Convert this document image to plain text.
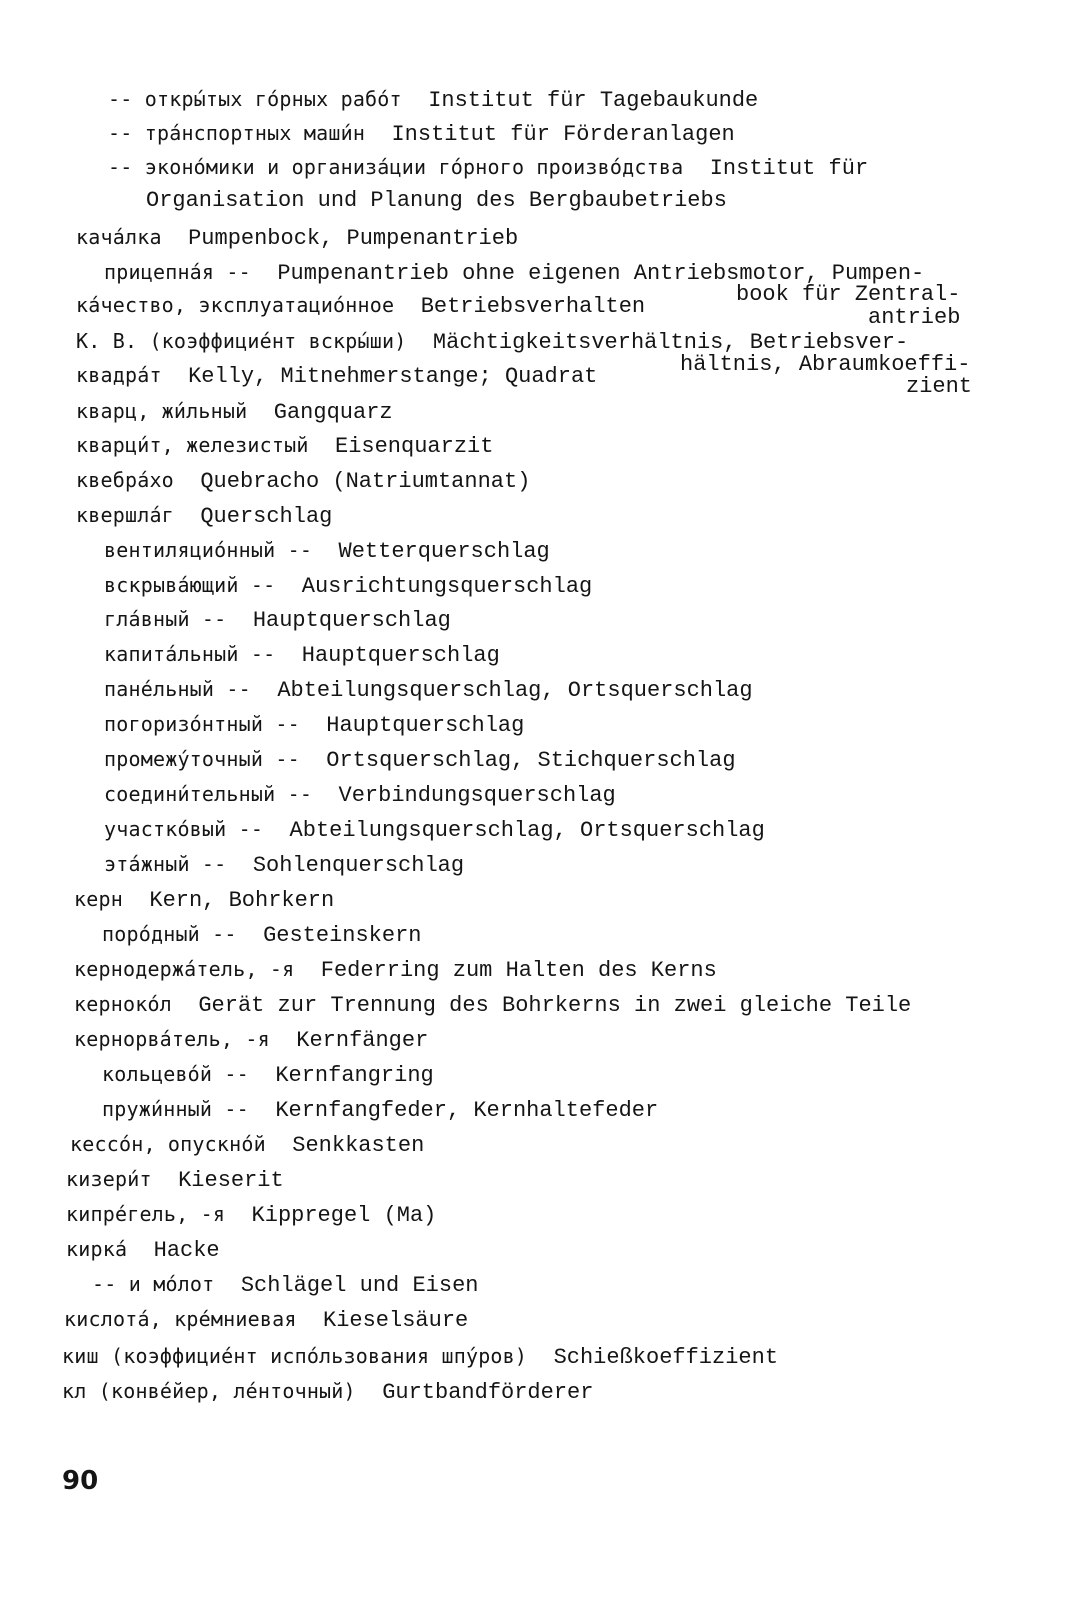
-- откры́тых го́рных рабо́т Institut für Tagebaukunde
-- тра́нспортных маши́н Institut für Förderanlagen
-- эконо́мики и организа́ции го́рного произво́дства Institut für
Organisation und Planung des Bergbaubetriebs
кача́лка Pumpenbock, Pumpenantrieb
прицепна́я -- Pumpenantrieb ohne eigenen Antriebsmotor, Pumpen-
ка́чество, эксплуатацио́нное Betriebsverhalten	book für Zentral-
antrieb
К. В. (коэффицие́нт вскры́ши) Mächtigkeitsverhältnis, Betriebsver-
hältnis, Abraumkoeffi-
квадра́т Kelly, Mitnehmerstange; Quadrat	zient
кварц, жи́льный Gangquarz
кварци́т, железистый Eisenquarzit
квебра́хо Quebracho (Natriumtannat)
квершла́г Querschlag
вентиляцио́нный -- Wetterquerschlag
вскрыва́ющий -- Ausrichtungsquerschlag
гла́вный -- Hauptquerschlag
капита́льный -- Hauptquerschlag
пане́льный -- Abteilungsquerschlag, Ortsquerschlag
погоризо́нтный -- Hauptquerschlag
промежу́точный -- Ortsquerschlag, Stichquerschlag
соедини́тельный -- Verbindungsquerschlag
участко́вый -- Abteilungsquerschlag, Ortsquerschlag
эта́жный -- Sohlenquerschlag
керн Kern, Bohrkern
поро́дный -- Gesteinskern
кернодержа́тель, -я Federring zum Halten des Kerns
кернoко́л Gerät zur Trennung des Bohrkerns in zwei gleiche Teile
кернорва́тель, -я Kernfänger
кольцево́й -- Kernfangring
пружи́нный -- Kernfangfeder, Kernhaltefeder
кессо́н, опускно́й Senkkasten
кизери́т Kieserit
кипре́гель, -я Kippregel (Ma)
кирка́ Hacke
-- и мо́лот Schlägel und Eisen
кислота́, кре́мниевая Kieselsäure
киш (коэффицие́нт испо́льзования шпу́ров) Schießkoeffizient
кл (конве́йер, ле́нточный) Gurtbandförderer
90
